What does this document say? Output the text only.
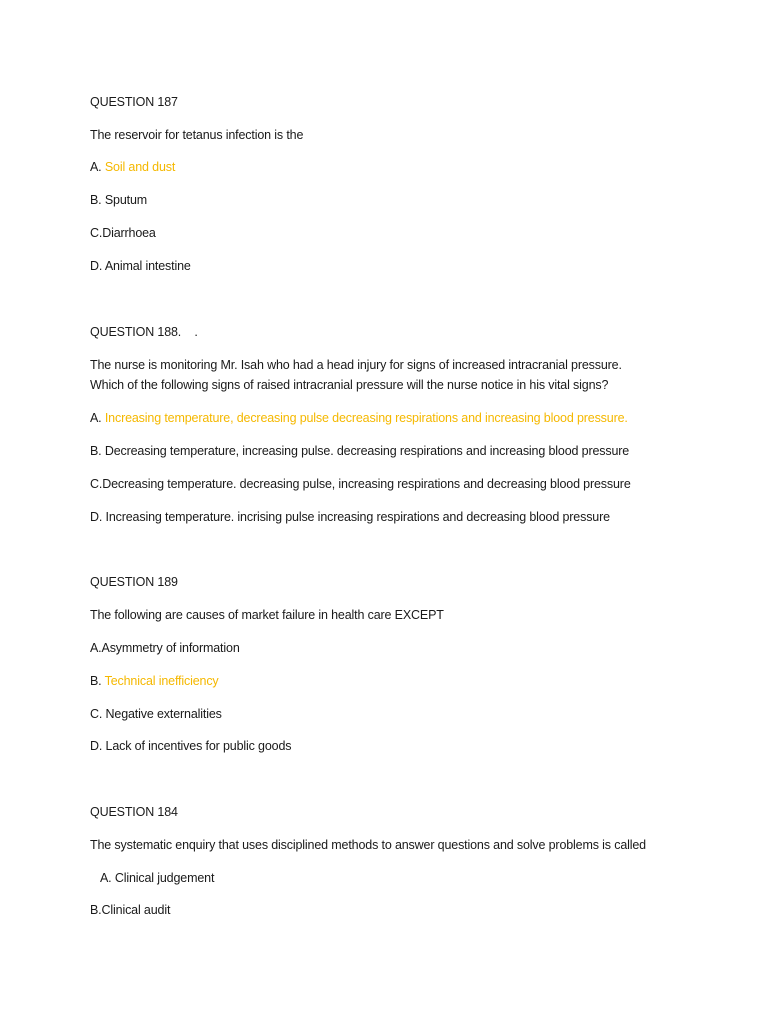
QUESTION 187
The reservoir for tetanus infection is the
A. Soil and dust
B. Sputum
C.Diarrhoea
D. Animal intestine
QUESTION 188.    .
The nurse is monitoring Mr. Isah who had a head injury for signs of increased intracranial pressure.
Which of the following signs of raised intracranial pressure will the nurse notice in his vital signs?
A. Increasing temperature, decreasing pulse decreasing respirations and increasing blood pressure.
B. Decreasing temperature, increasing pulse. decreasing respirations and increasing blood pressure
C.Decreasing temperature. decreasing pulse, increasing respirations and decreasing blood pressure
D. Increasing temperature. incrising pulse increasing respirations and decreasing blood pressure
QUESTION 189
The following are causes of market failure in health care EXCEPT
A.Asymmetry of information
B. Technical inefficiency
C. Negative externalities
D. Lack of incentives for public goods
QUESTION 184
The systematic enquiry that uses disciplined methods to answer questions and solve problems is called
A. Clinical judgement
B.Clinical audit
